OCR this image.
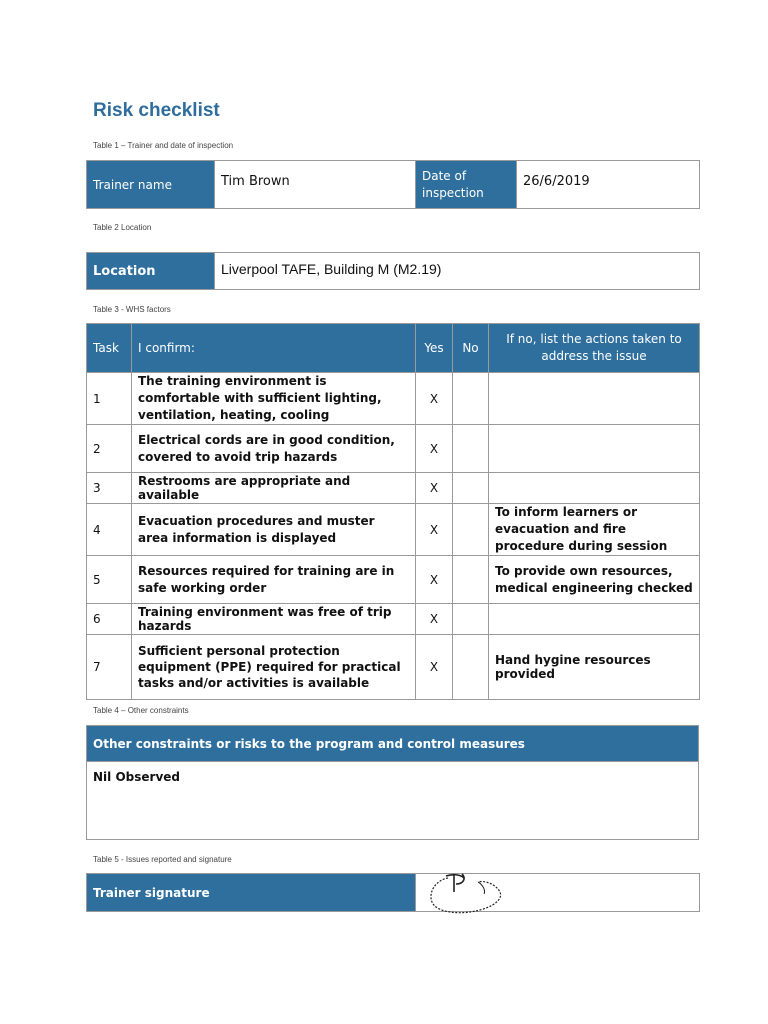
Risk checklist
Table 1 – Trainer and date of inspection
Trainer name	Tim Brown	Date of inspection	26/6/2019
Table 2 Location
Location	Liverpool TAFE, Building M (M2.19)
Table 3 - WHS factors
Task	I confirm:	Yes	No	If no, list the actions taken to address the issue
1	The training environment is comfortable with sufficient lighting, ventilation, heating, cooling	X		
2	Electrical cords are in good condition, covered to avoid trip hazards	X		
3	Restrooms are appropriate and available	X		
4	Evacuation procedures and muster area information is displayed	X		To inform learners or evacuation and fire procedure during session
5	Resources required for training are in safe working order	X		To provide own resources, medical engineering checked
6	Training environment was free of trip hazards	X		
7	Sufficient personal protection equipment (PPE) required for practical tasks and/or activities is available	X		Hand hygine resources provided
Table 4 – Other constraints
Other constraints or risks to the program and control measures
Nil Observed
Table 5 - Issues reported and signature
Trainer signature	
